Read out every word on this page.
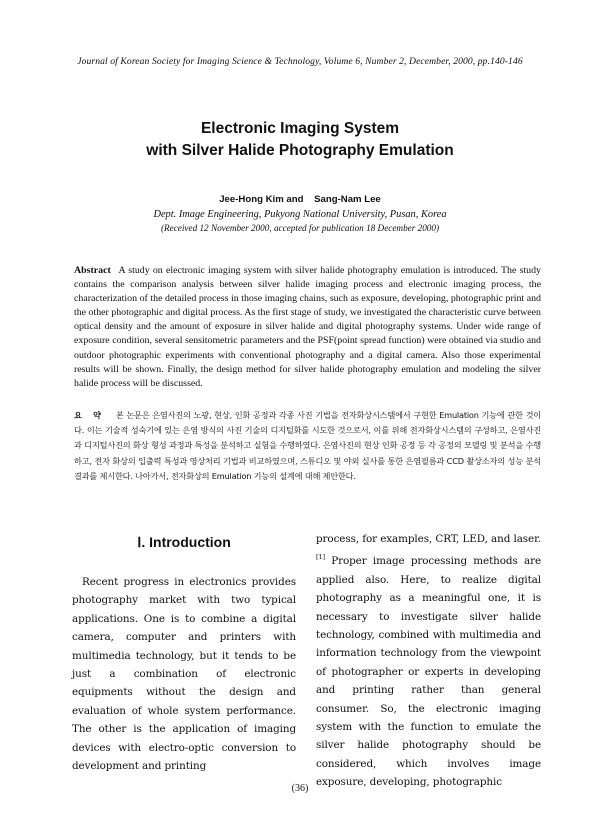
Journal of Korean Society for Imaging Science & Technology, Volume 6, Number 2, December, 2000, pp.140-146
Electronic Imaging System
with Silver Halide Photography Emulation
Jee-Hong Kim and Sang-Nam Lee
Dept. Image Engineering, Pukyong National University, Pusan, Korea
(Received 12 November 2000, accepted for publication 18 December 2000)
Abstract A study on electronic imaging system with silver halide photography emulation is introduced. The study contains the comparison analysis between silver halide imaging process and electronic imaging process, the characterization of the detailed process in those imaging chains, such as exposure, developing, photographic print and the other photographic and digital process. As the first stage of study, we investigated the characteristic curve between optical density and the amount of exposure in silver halide and digital photography systems. Under wide range of exposure condition, several sensitometric parameters and the PSF(point spread function) were obtained via studio and outdoor photographic experiments with conventional photography and a digital camera. Also those experimental results will be shown. Finally, the design method for silver halide photography emulation and modeling the silver halide process will be discussed.
요 약 본 논문은 은염사진의 노광, 현상, 인화 공정과 각종 사진 기법을 전자화상시스템에서 구현한 Emulation 기능에 관한 것이다. 이는 기술적 성숙기에 있는 은염 방식의 사진 기술의 디지털화를 시도한 것으로서, 이를 위해 전자화상시스템의 구성하고, 은염사진과 디지털사진의 화상 형성 과정과 특성을 분석하고 실험을 수행하였다. 은염사진의 현상 인화 공정 등 각 공정의 모델링 및 분석을 수행하고, 전자 화상의 입출력 특성과 영상처리 기법과 비교하였으며, 스튜디오 및 야외 실사를 통한 은염필름과 CCD 촬상소자의 성능 분석 결과를 제시한다. 나아가서, 전자화상의 Emulation 기능의 설계에 대해 제안한다.
Ⅰ. Introduction

Recent progress in electronics provides photography market with two typical applications. One is to combine a digital camera, computer and printers with multimedia technology, but it tends to be just a combination of electronic equipments without the design and evaluation of whole system performance. The other is the application of imaging devices with electro-optic conversion to development and printing

process, for examples, CRT, LED, and laser.[1] Proper image processing methods are applied also. Here, to realize digital photography as a meaningful one, it is necessary to investigate silver halide technology, combined with multimedia and information technology from the viewpoint of photographer or experts in developing and printing rather than general consumer. So, the electronic imaging system with the function to emulate the silver halide photography should be considered, which involves image exposure, developing, photographic

(36)
